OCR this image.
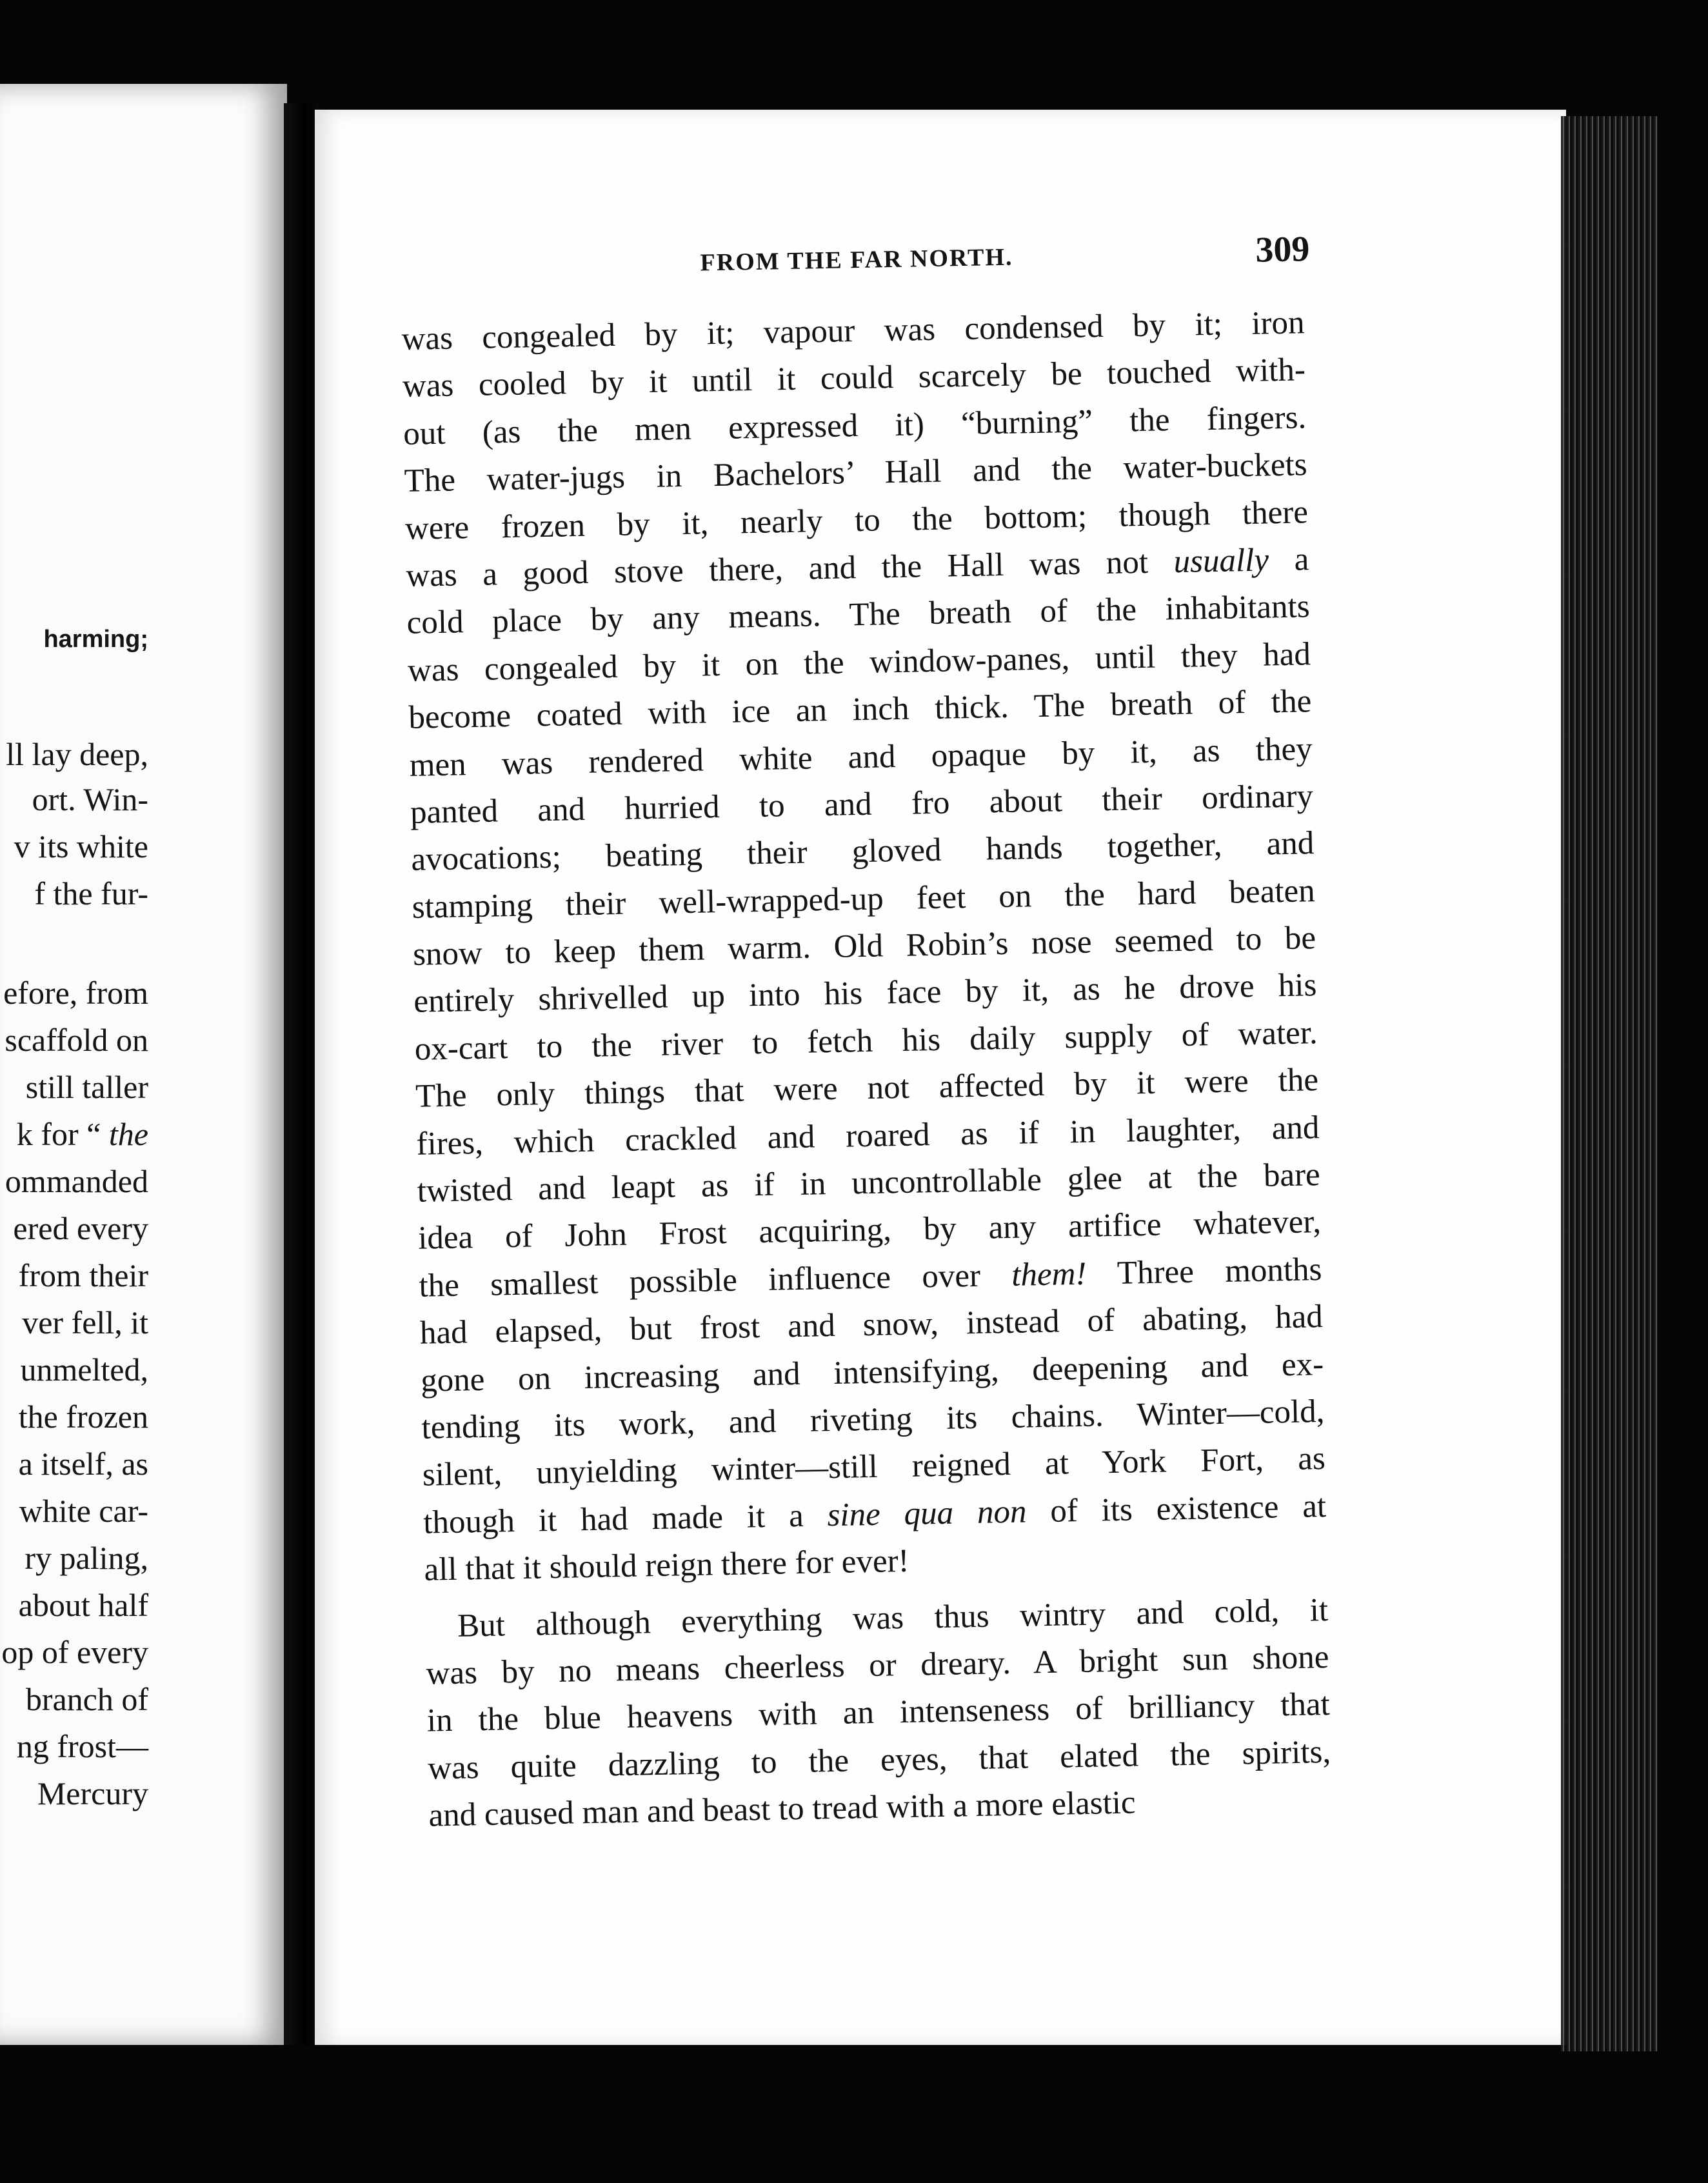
harming;
ll lay deep,
ort. Win-
v its white
f the fur-
efore, from
scaffold on
still taller
k for “ the
ommanded
ered every
from their
ver fell, it
unmelted,
the frozen
a itself, as
white car-
ry paling,
about half
op of every
branch of
ng frost—
Mercury
FROM THE FAR NORTH.	309
was congealed by it; vapour was condensed by it; iron
was cooled by it until it could scarcely be touched with-
out (as the men expressed it) “burning” the fingers.
The water-jugs in Bachelors’ Hall and the water-buckets
were frozen by it, nearly to the bottom; though there
was a good stove there, and the Hall was not usually a
cold place by any means. The breath of the inhabitants
was congealed by it on the window-panes, until they had
become coated with ice an inch thick. The breath of the
men was rendered white and opaque by it, as they
panted and hurried to and fro about their ordinary
avocations; beating their gloved hands together, and
stamping their well-wrapped-up feet on the hard beaten
snow to keep them warm. Old Robin’s nose seemed to be
entirely shrivelled up into his face by it, as he drove his
ox-cart to the river to fetch his daily supply of water.
The only things that were not affected by it were the
fires, which crackled and roared as if in laughter, and
twisted and leapt as if in uncontrollable glee at the bare
idea of John Frost acquiring, by any artifice whatever,
the smallest possible influence over them! Three months
had elapsed, but frost and snow, instead of abating, had
gone on increasing and intensifying, deepening and ex-
tending its work, and riveting its chains. Winter—cold,
silent, unyielding winter—still reigned at York Fort, as
though it had made it a sine qua non of its existence at
all that it should reign there for ever!
But although everything was thus wintry and cold, it
was by no means cheerless or dreary. A bright sun shone
in the blue heavens with an intenseness of brilliancy that
was quite dazzling to the eyes, that elated the spirits,
and caused man and beast to tread with a more elastic
